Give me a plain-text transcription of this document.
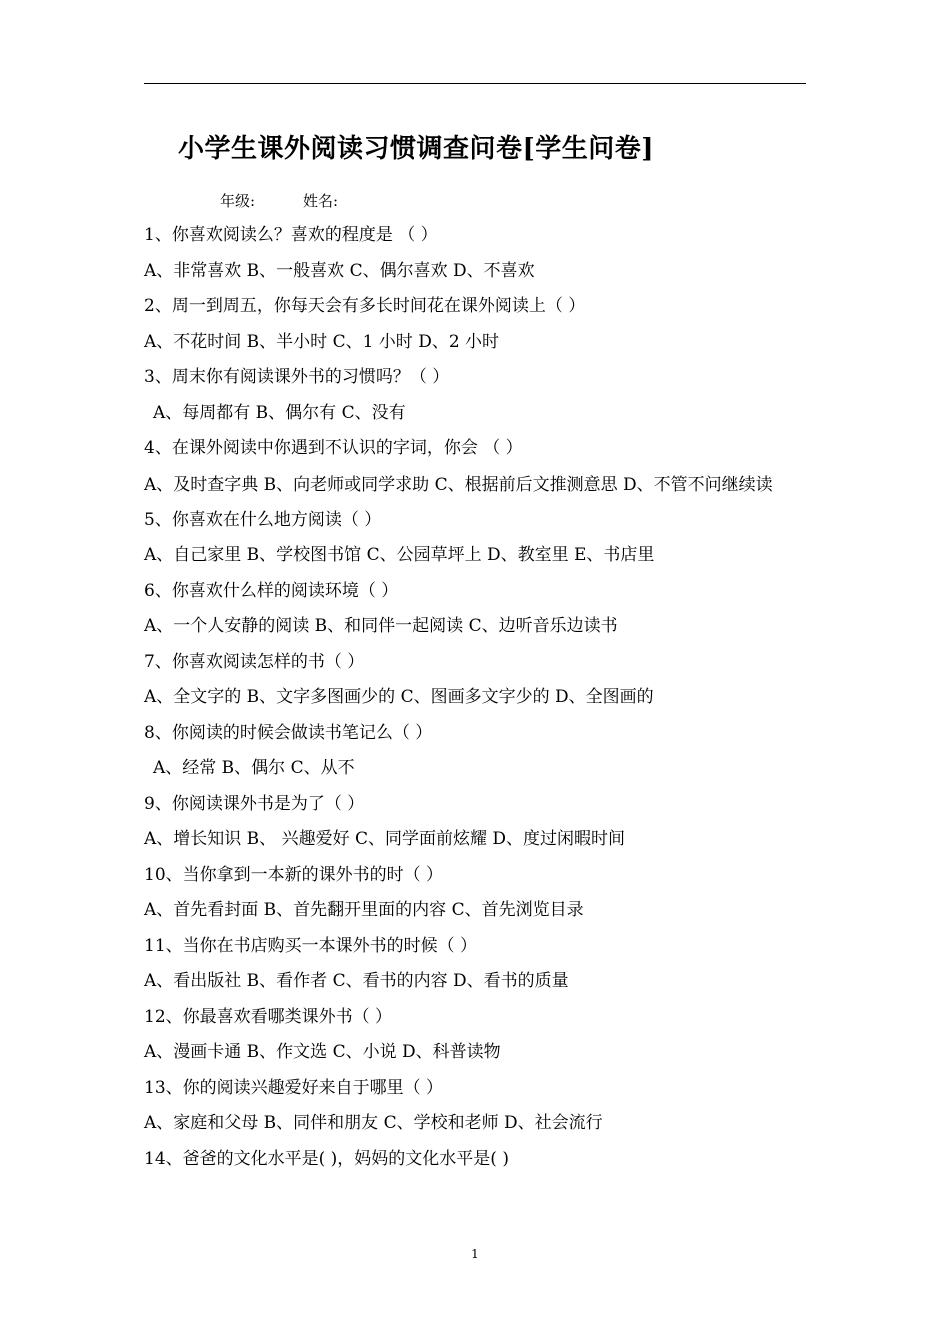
小学生课外阅读习惯调查问卷[学生问卷]
年级:	姓名:
1、你喜欢阅读么？喜欢的程度是 （ ）
A、非常喜欢 B、一般喜欢 C、偶尔喜欢 D、不喜欢
2、周一到周五，你每天会有多长时间花在课外阅读上（ ）
A、不花时间 B、半小时 C、1 小时 D、2 小时
3、周末你有阅读课外书的习惯吗？（ ）
A、每周都有 B、偶尔有 C、没有
4、在课外阅读中你遇到不认识的字词，你会 （ ）
A、及时查字典 B、向老师或同学求助 C、根据前后文推测意思 D、不管不问继续读
5、你喜欢在什么地方阅读（ ）
A、自己家里 B、学校图书馆 C、公园草坪上 D、教室里 E、书店里
6、你喜欢什么样的阅读环境（ ）
A、一个人安静的阅读 B、和同伴一起阅读 C、边听音乐边读书
7、你喜欢阅读怎样的书（ ）
A、全文字的 B、文字多图画少的 C、图画多文字少的 D、全图画的
8、你阅读的时候会做读书笔记么（ ）
A、经常 B、偶尔 C、从不
9、你阅读课外书是为了（ ）
A、增长知识 B、 兴趣爱好 C、同学面前炫耀 D、度过闲暇时间
10、当你拿到一本新的课外书的时（ ）
A、首先看封面 B、首先翻开里面的内容 C、首先浏览目录
11、当你在书店购买一本课外书的时候（ ）
A、看出版社 B、看作者 C、看书的内容 D、看书的质量
12、你最喜欢看哪类课外书（ ）
A、漫画卡通 B、作文选 C、小说 D、科普读物
13、你的阅读兴趣爱好来自于哪里（ ）
A、家庭和父母 B、同伴和朋友 C、学校和老师 D、社会流行
14、爸爸的文化水平是( )，妈妈的文化水平是( )
1
